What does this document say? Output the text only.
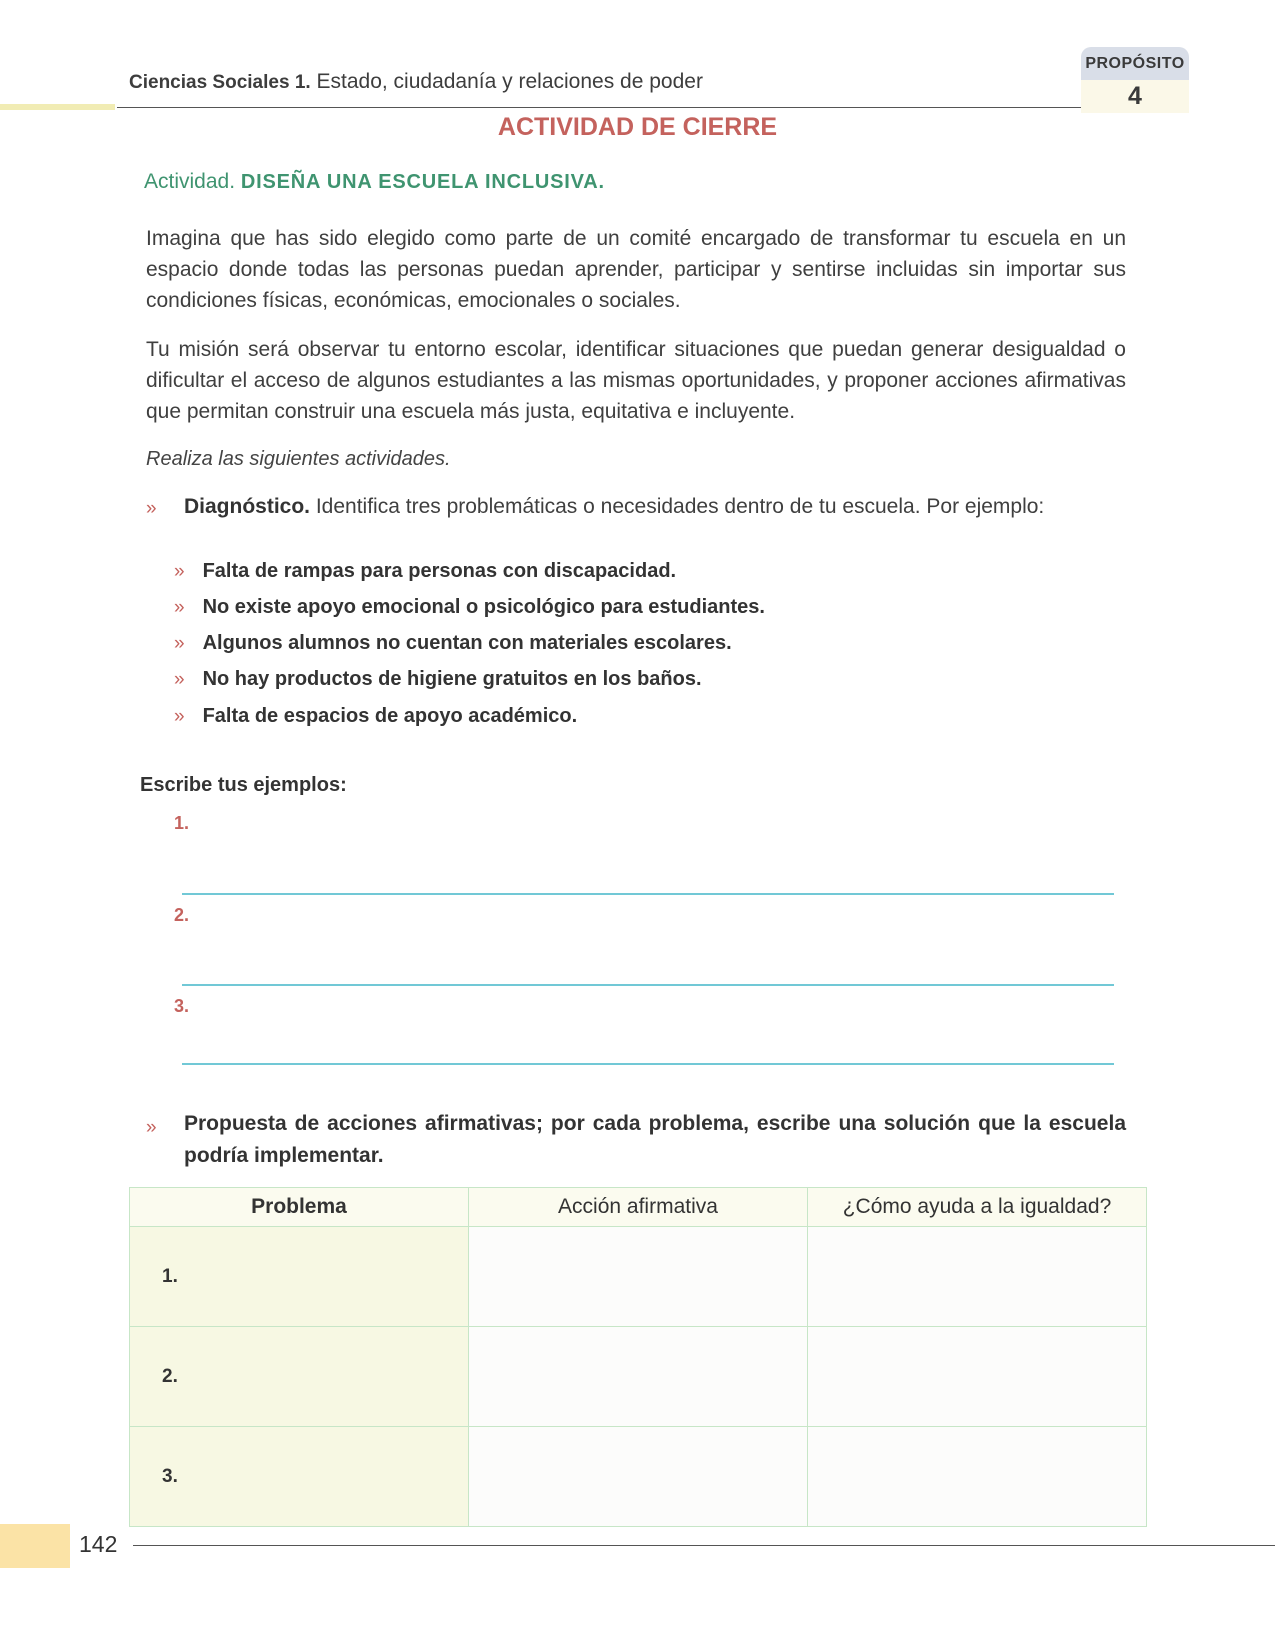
Ciencias Sociales 1. Estado, ciudadanía y relaciones de poder
PROPÓSITO
4
ACTIVIDAD DE CIERRE
Actividad. DISEÑA UNA ESCUELA INCLUSIVA.
Imagina que has sido elegido como parte de un comité encargado de transformar tu escuela en un espacio donde todas las personas puedan aprender, participar y sentirse incluidas sin importar sus condiciones físicas, económicas, emocionales o sociales.
Tu misión será observar tu entorno escolar, identificar situaciones que puedan generar desigualdad o dificultar el acceso de algunos estudiantes a las mismas oportunidades, y proponer acciones afirmativas que permitan construir una escuela más justa, equitativa e incluyente.
Realiza las siguientes actividades.
» Diagnóstico. Identifica tres problemáticas o necesidades dentro de tu escuela. Por ejemplo:
» Falta de rampas para personas con discapacidad.
» No existe apoyo emocional o psicológico para estudiantes.
» Algunos alumnos no cuentan con materiales escolares.
» No hay productos de higiene gratuitos en los baños.
» Falta de espacios de apoyo académico.
Escribe tus ejemplos:
1.
2.
3.
» Propuesta de acciones afirmativas; por cada problema, escribe una solución que la escuela podría implementar.
Problema	Acción afirmativa	¿Cómo ayuda a la igualdad?
1.		
2.		
3.		
142
